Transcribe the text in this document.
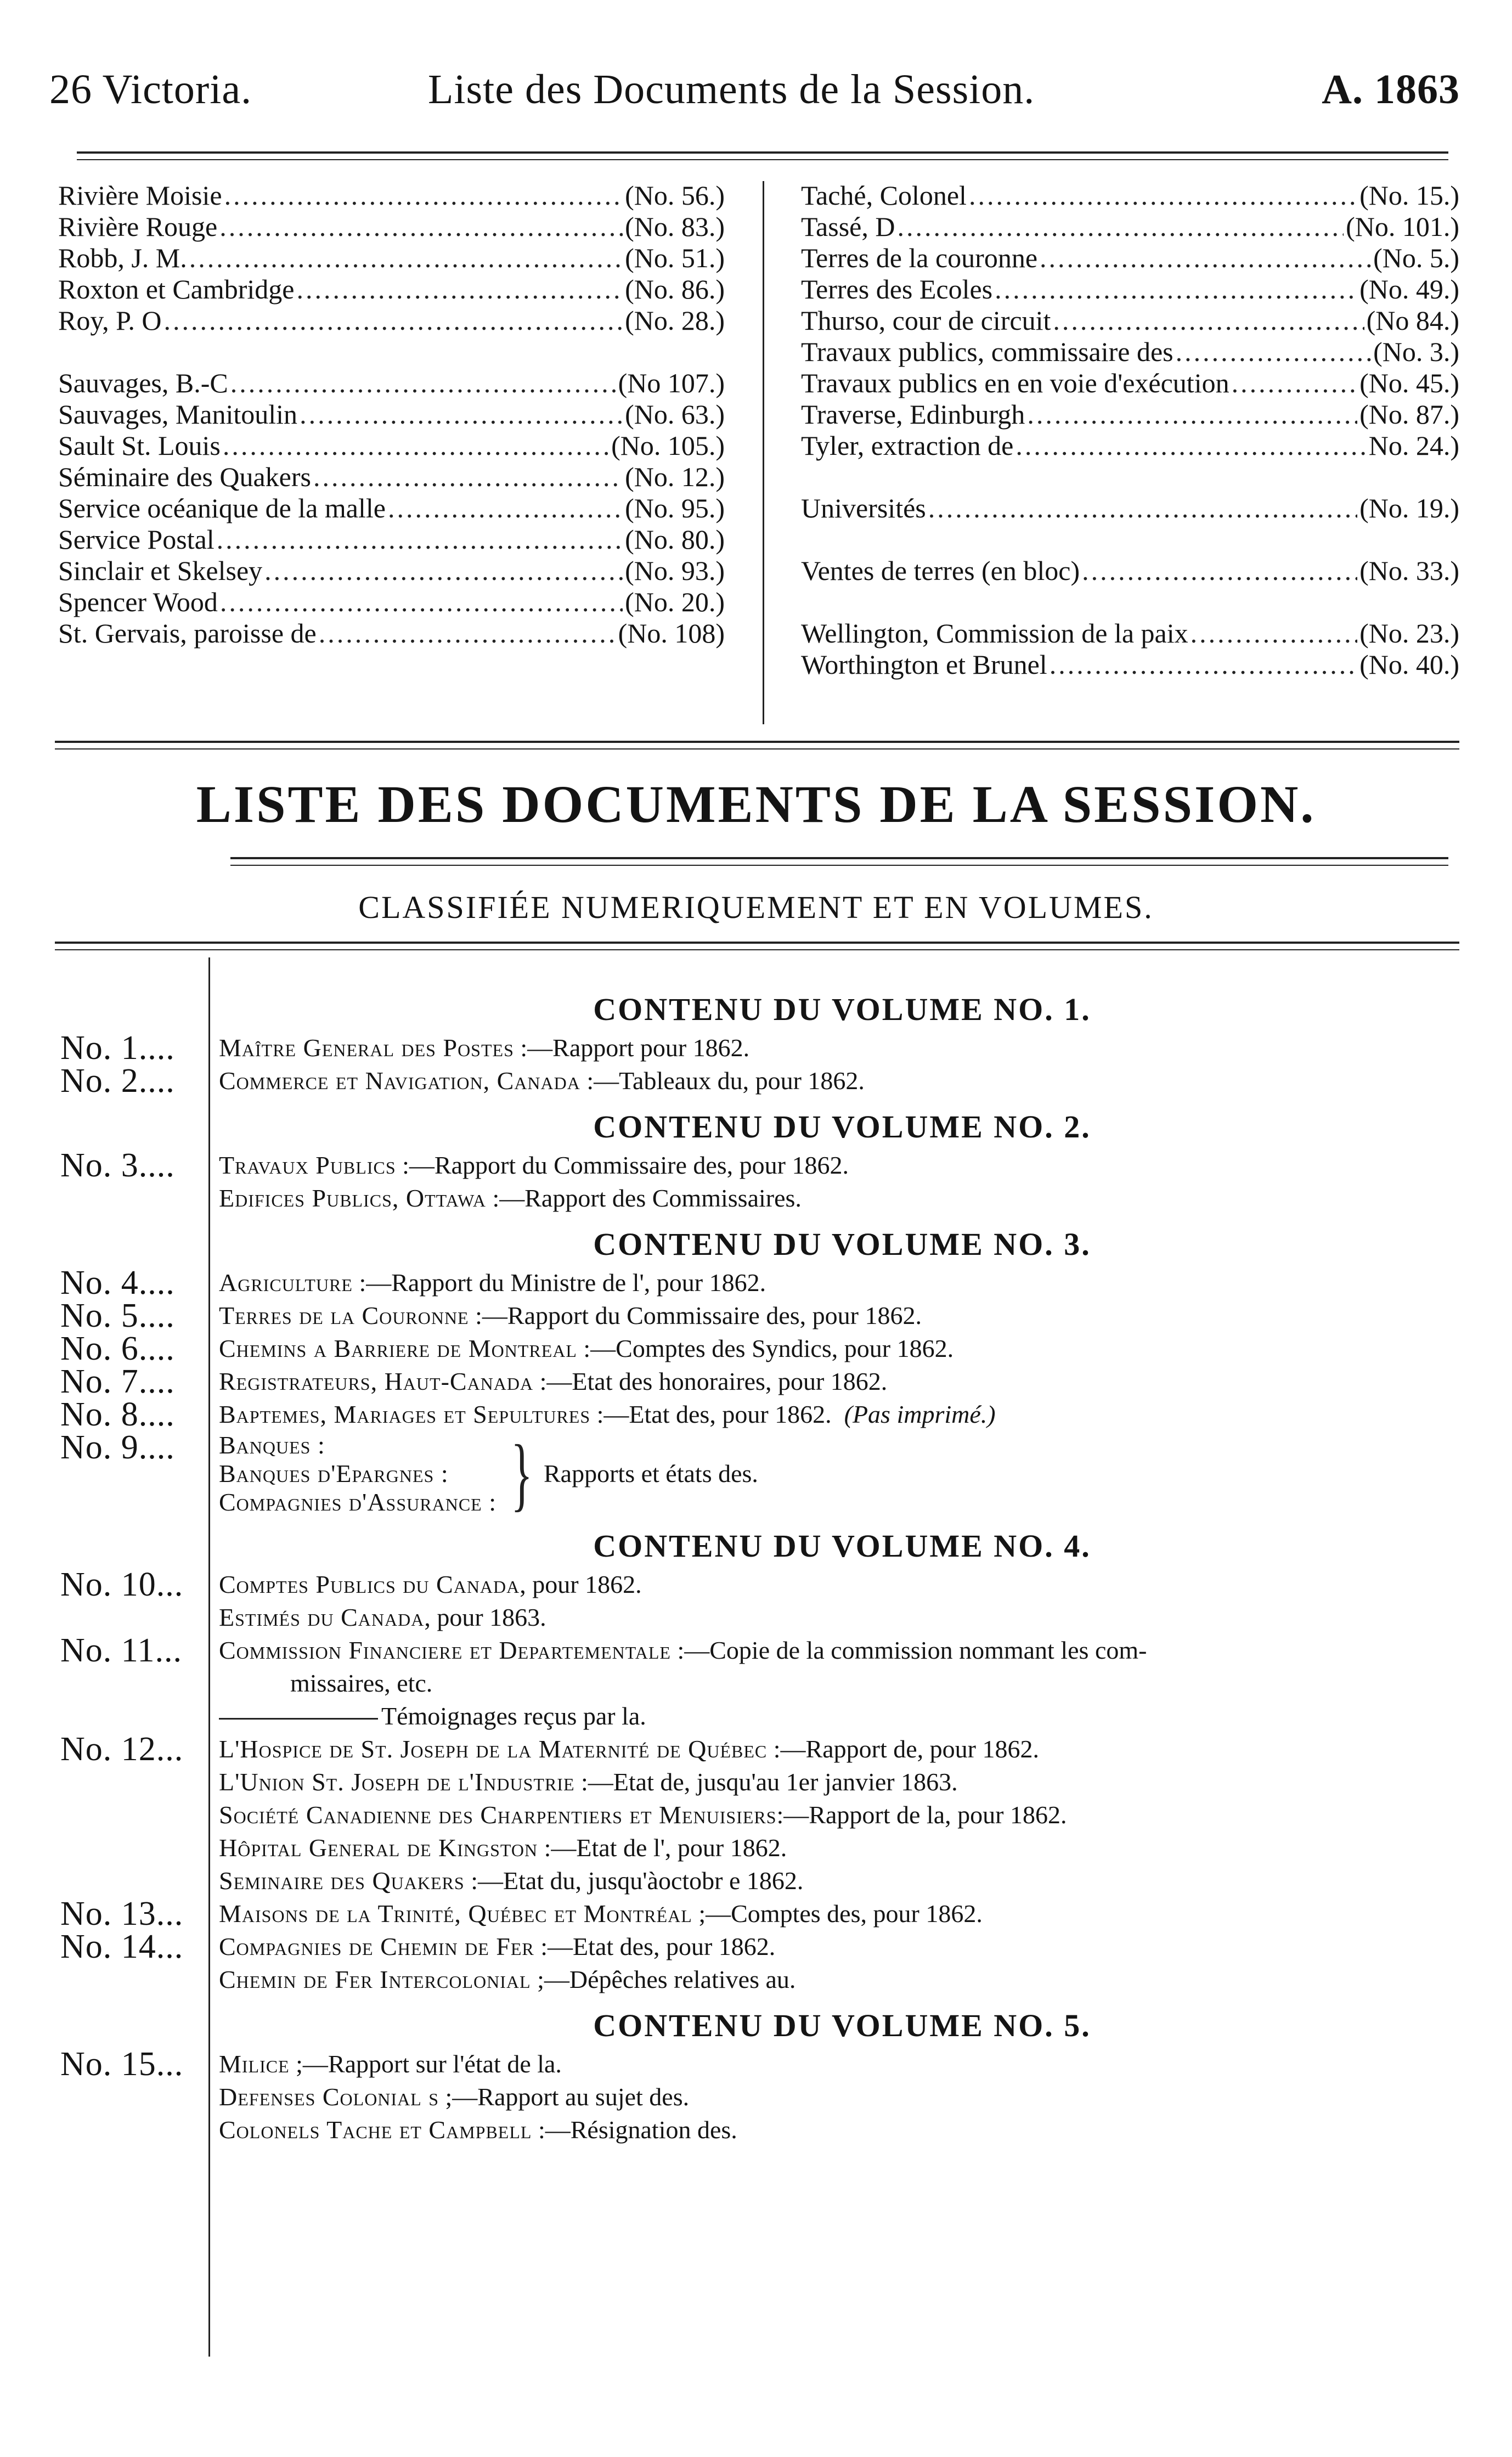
26 Victoria.	Liste des Documents de la Session.	A. 1863
Rivière Moisie .....	(No. 56.)
Rivière Rouge .....	(No. 83.)
Robb, J. M. .....	(No. 51.)
Roxton et Cambridge .....	(No. 86.)
Roy, P. O .....	(No. 28.)
Sauvages, B.-C .....	(No 107.)
Sauvages, Manitoulin .....	(No. 63.)
Sault St. Louis .....	(No. 105.)
Séminaire des Quakers .....	(No. 12.)
Service océanique de la malle .....	(No. 95.)
Service Postal .....	(No. 80.)
Sinclair et Skelsey .....	(No. 93.)
Spencer Wood .....	(No. 20.)
St. Gervais, paroisse de .....	(No. 108)
Taché, Colonel .....	(No. 15.)
Tassé, D .....	(No. 101.)
Terres de la couronne .....	(No. 5.)
Terres des Ecoles .....	(No. 49.)
Thurso, cour de circuit .....	(No 84.)
Travaux publics, commissaire des .....	(No. 3.)
Travaux publics en en voie d'exécution .....	(No. 45.)
Traverse, Edinburgh .....	(No. 87.)
Tyler, extraction de .....	No. 24.)
Universités .....	(No. 19.)
Ventes de terres (en bloc) .....	(No. 33.)
Wellington, Commission de la paix .....	(No. 23.)
Worthington et Brunel .....	(No. 40.)
LISTE DES DOCUMENTS DE LA SESSION.
CLASSIFIÉE NUMERIQUEMENT ET EN VOLUMES.
CONTENU DU VOLUME NO. 1.
No. 1....	Maître General des Postes :—Rapport pour 1862.
No. 2....	Commerce et Navigation, Canada :—Tableaux du, pour 1862.
CONTENU DU VOLUME NO. 2.
No. 3....	Travaux Publics :—Rapport du Commissaire des, pour 1862.
Edifices Publics, Ottawa :—Rapport des Commissaires.
CONTENU DU VOLUME NO. 3.
No. 4....	Agriculture :—Rapport du Ministre de l', pour 1862.
No. 5....	Terres de la Couronne :—Rapport du Commissaire des, pour 1862.
No. 6....	Chemins a Barriere de Montreal :—Comptes des Syndics, pour 1862.
No. 7....	Registrateurs, Haut-Canada :—Etat des honoraires, pour 1862.
No. 8....	Baptemes, Mariages et Sepultures :—Etat des, pour 1862. (Pas imprimé.)
No. 9....	Banques :
Banques d'Epargnes :
Compagnies d'Assurance : } Rapports et états des.
CONTENU DU VOLUME NO. 4.
No. 10...	Comptes Publics du Canada, pour 1862.
Estimés du Canada, pour 1863.
No. 11...	Commission Financiere et Departementale :—Copie de la commission nommant les com-
missaires, etc.
Témoignages reçus par la.
No. 12...	L'Hospice de St. Joseph de la Maternité de Québec :—Rapport de, pour 1862.
L'Union St. Joseph de l'Industrie :—Etat de, jusqu'au 1er janvier 1863.
Société Canadienne des Charpentiers et Menuisiers:—Rapport de la, pour 1862.
Hôpital General de Kingston :—Etat de l', pour 1862.
Seminaire des Quakers :—Etat du, jusqu'àoctobr e 1862.
No. 13...	Maisons de la Trinité, Québec et Montréal ;—Comptes des, pour 1862.
No. 14...	Compagnies de Chemin de Fer :—Etat des, pour 1862.
Chemin de Fer Intercolonial ;—Dépêches relatives au.
CONTENU DU VOLUME NO. 5.
No. 15...	Milice ;—Rapport sur l'état de la.
Defenses Colonial s ;—Rapport au sujet des.
Colonels Tache et Campbell :—Résignation des.
